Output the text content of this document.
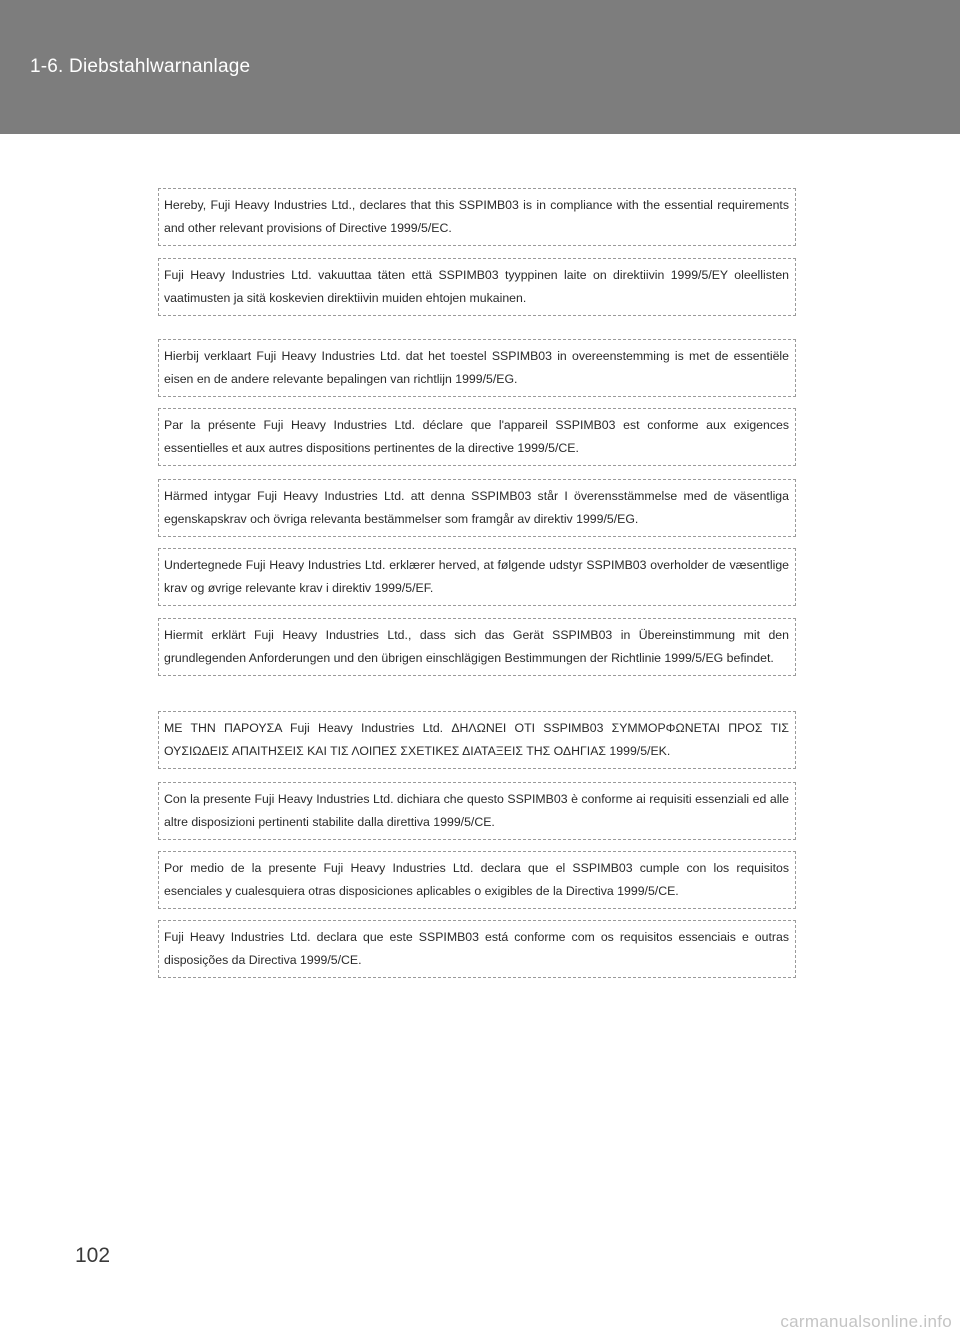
1-6. Diebstahlwarnanlage

Hereby, Fuji Heavy Industries Ltd., declares that this SSPIMB03 is in compliance with the essential requirements and other relevant provisions of Directive 1999/5/EC.

Fuji Heavy Industries Ltd. vakuuttaa täten että SSPIMB03 tyyppinen laite on direktiivin 1999/5/EY oleellisten vaatimusten ja sitä koskevien direktiivin muiden ehtojen mukainen.

Hierbij verklaart Fuji Heavy Industries Ltd. dat het toestel SSPIMB03 in overeenstemming is met de essentiële eisen en de andere relevante bepalingen van richtlijn 1999/5/EG.

Par la présente Fuji Heavy Industries Ltd. déclare que l'appareil SSPIMB03 est conforme aux exigences essentielles et aux autres dispositions pertinentes de la directive 1999/5/CE.

Härmed intygar Fuji Heavy Industries Ltd. att denna SSPIMB03 står I överensstämmelse med de väsentliga egenskapskrav och övriga relevanta bestämmelser som framgår av direktiv 1999/5/EG.

Undertegnede Fuji Heavy Industries Ltd. erklærer herved, at følgende udstyr SSPIMB03 overholder de væsentlige krav og øvrige relevante krav i direktiv 1999/5/EF.

Hiermit erklärt Fuji Heavy Industries Ltd., dass sich das Gerät SSPIMB03 in Übereinstimmung mit den grundlegenden Anforderungen und den übrigen einschlägigen Bestimmungen der Richtlinie 1999/5/EG befindet.

ΜΕ ΤΗΝ ΠΑΡΟΥΣΑ Fuji Heavy Industries Ltd. ΔΗΛΩΝΕΙ ΟΤΙ SSPIMB03 ΣΥΜΜΟΡΦΩΝΕΤΑΙ ΠΡΟΣ ΤΙΣ ΟΥΣΙΩΔΕΙΣ ΑΠΑΙΤΗΣΕΙΣ ΚΑΙ ΤΙΣ ΛΟΙΠΕΣ ΣΧΕΤΙΚΕΣ ΔΙΑΤΑΞΕΙΣ ΤΗΣ ΟΔΗΓΙΑΣ 1999/5/ΕΚ.

Con la presente Fuji Heavy Industries Ltd. dichiara che questo SSPIMB03 è conforme ai requisiti essenziali ed alle altre disposizioni pertinenti stabilite dalla direttiva 1999/5/CE.

Por medio de la presente Fuji Heavy Industries Ltd. declara que el SSPIMB03 cumple con los requisitos esenciales y cualesquiera otras disposiciones aplicables o exigibles de la Directiva 1999/5/CE.

Fuji Heavy Industries Ltd. declara que este SSPIMB03 está conforme com os requisitos essenciais e outras disposições da Directiva 1999/5/CE.

102
carmanualsonline.info
